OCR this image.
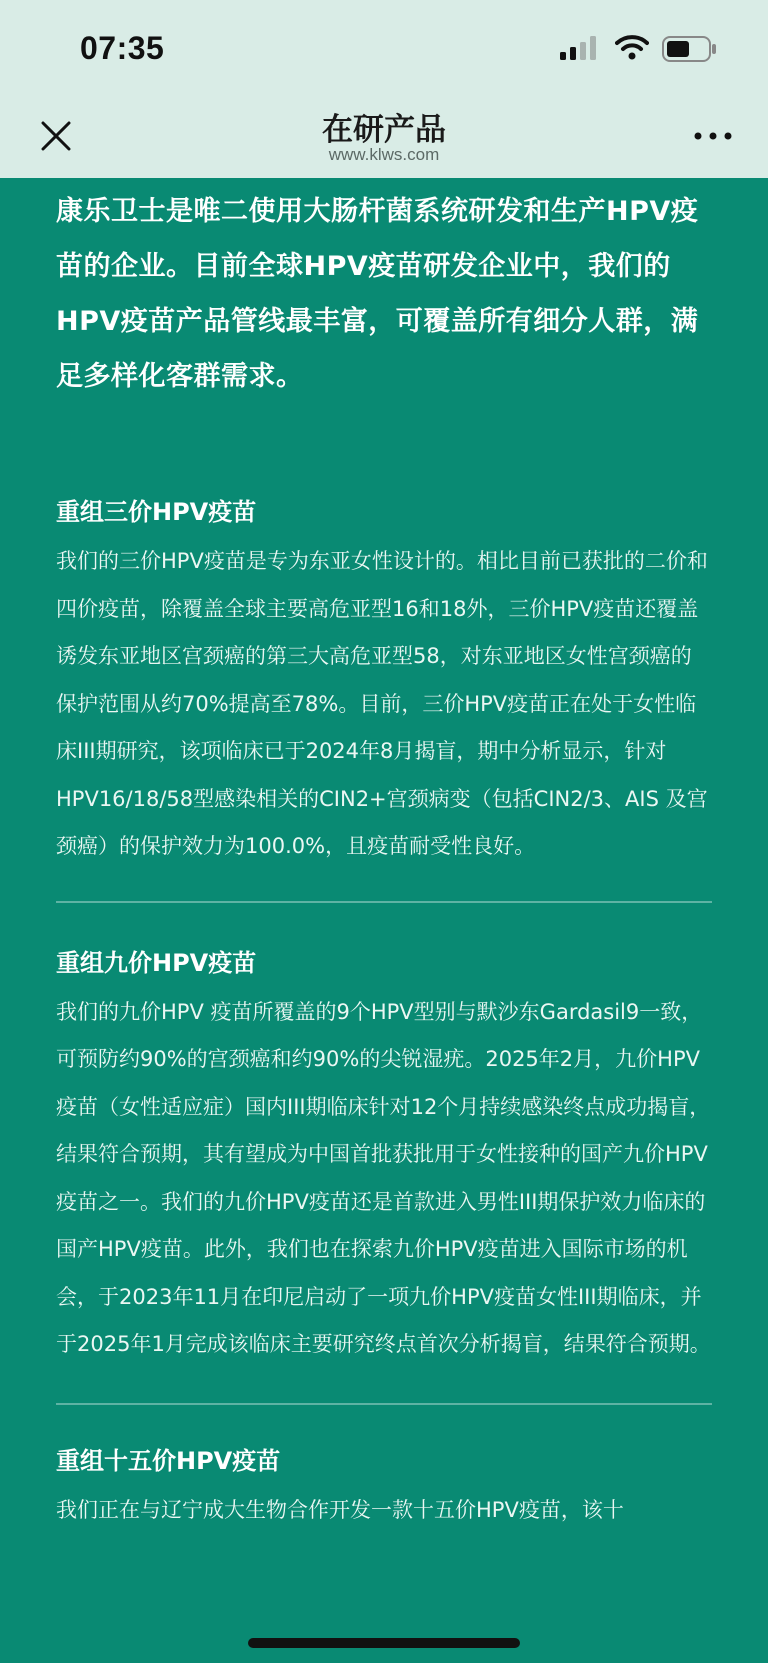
07:35
在研产品
www.klws.com

康乐卫士是唯二使用大肠杆菌系统研发和生产HPV疫苗的企业。目前全球HPV疫苗研发企业中，我们的HPV疫苗产品管线最丰富，可覆盖所有细分人群，满足多样化客群需求。

重组三价HPV疫苗

我们的三价HPV疫苗是专为东亚女性设计的。相比目前已获批的二价和四价疫苗，除覆盖全球主要高危亚型16和18外，三价HPV疫苗还覆盖诱发东亚地区宫颈癌的第三大高危亚型58，对东亚地区女性宫颈癌的保护范围从约70%提高至78%。目前，三价HPV疫苗正在处于女性临床III期研究，该项临床已于2024年8月揭盲，期中分析显示，针对HPV16/18/58型感染相关的CIN2+宫颈病变（包括CIN2/3、AIS 及宫颈癌）的保护效力为100.0%，且疫苗耐受性良好。

重组九价HPV疫苗

我们的九价HPV 疫苗所覆盖的9个HPV型别与默沙东Gardasil9一致，可预防约90%的宫颈癌和约90%的尖锐湿疣。2025年2月，九价HPV疫苗（女性适应症）国内III期临床针对12个月持续感染终点成功揭盲，结果符合预期，其有望成为中国首批获批用于女性接种的国产九价HPV疫苗之一。我们的九价HPV疫苗还是首款进入男性III期保护效力临床的国产HPV疫苗。此外，我们也在探索九价HPV疫苗进入国际市场的机会，于2023年11月在印尼启动了一项九价HPV疫苗女性III期临床，并于2025年1月完成该临床主要研究终点首次分析揭盲，结果符合预期。

重组十五价HPV疫苗

我们正在与辽宁成大生物合作开发一款十五价HPV疫苗，该十
